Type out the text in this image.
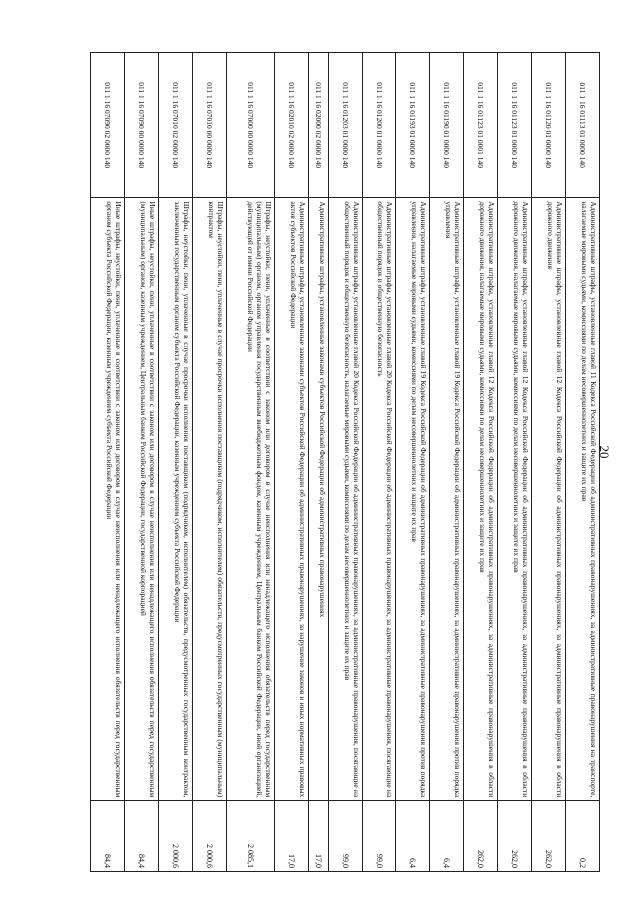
20
011 1 16 01113 01 0000 140	Административные штрафы, установленные главой 11 Кодекса Российской Федерации об административных правонарушениях, за административные правонарушения на транспорте, налагаемые мировыми судьями, комиссиями по делам несовершеннолетних и защите их прав	0,2
011 1 16 01120 01 0000 140	Административные штрафы, установленные главой 12 Кодекса Российской Федерации об административных правонарушениях, за административные правонарушения в области дорожного движения	262,0
011 1 16 01123 01 0000 140	Административные штрафы, установленные главой 12 Кодекса Российской Федерации об административных правонарушениях, за административные правонарушения в области дорожного движения, налагаемые мировыми судьями, комиссиями по делам несовершеннолетних и защите их прав	262,0
011 1 16 01123 01 0001 140	Административные штрафы, установленные главой 12 Кодекса Российской Федерации об административных правонарушениях, за административные правонарушения в области дорожного движения, налагаемые мировыми судьями, комиссиями по делам несовершеннолетних и защите их прав	262,0
011 1 16 01190 01 0000 140	Административные штрафы, установленные главой 19 Кодекса Российской Федерации об административных правонарушениях, за административные правонарушения против порядка управления	6,4
011 1 16 01193 01 0000 140	Административные штрафы, установленные главой 19 Кодекса Российской Федерации об административных правонарушениях, за административные правонарушения против порядка управления, налагаемые мировыми судьями, комиссиями по делам несовершеннолетних и защите их прав	6,4
011 1 16 01200 01 0000 140	Административные штрафы, установленные главой 20 Кодекса Российской Федерации об административных правонарушениях, за административные правонарушения, посягающие на общественный порядок и общественную безопасность	99,0
011 1 16 01203 01 0000 140	Административные штрафы, установленные главой 20 Кодекса Российской Федерации об административных правонарушениях, за административные правонарушения, посягающие на общественный порядок и общественную безопасность, налагаемые мировыми судьями, комиссиями по делам несовершеннолетних и защите их прав	99,0
011 1 16 02000 02 0000 140	Административные штрафы, установленные законами субъектов Российской Федерации об административных правонарушениях	17,0
011 1 16 02010 02 0000 140	Административные штрафы, установленные законами субъектов Российской Федерации об административных правонарушениях, за нарушение законов и иных нормативных правовых актов субъектов Российской Федерации	17,0
011 1 16 07000 00 0000 140	Штрафы, неустойки, пени, уплаченные в соответствии с законом или договором в случае неисполнения или ненадлежащего исполнения обязательств перед государственным (муниципальным) органом, органом управления государственным внебюджетным фондом, казенным учреждением, Центральным банком Российской Федерации, иной организацией, действующей от имени Российской Федерации	2 085,1
011 1 16 07010 00 0000 140	Штрафы, неустойки, пени, уплаченные в случае просрочки исполнения поставщиком (подрядчиком, исполнителем) обязательств, предусмотренных государственным (муниципальным) контрактом	2 000,6
011 1 16 07010 02 0000 140	Штрафы, неустойки, пени, уплаченные в случае просрочки исполнения поставщиком (подрядчиком, исполнителем) обязательств, предусмотренных государственным контрактом, заключенным государственным органом субъекта Российской Федерации, казенным учреждением субъекта Российской Федерации	2 000,6
011 1 16 07090 00 0000 140	Иные штрафы, неустойки, пени, уплаченные в соответствии с законом или договором в случае неисполнения или ненадлежащего исполнения обязательств перед государственным (муниципальным) органом, казенным учреждением, Центральным банком Российской Федерации, государственной корпорацией	84,4
011 1 16 07090 02 0000 140	Иные штрафы, неустойки, пени, уплаченные в соответствии с законом или договором в случае неисполнения или ненадлежащего исполнения обязательств перед государственным органом субъекта Российской Федерации, казенным учреждением субъекта Российской Федерации	84,4
